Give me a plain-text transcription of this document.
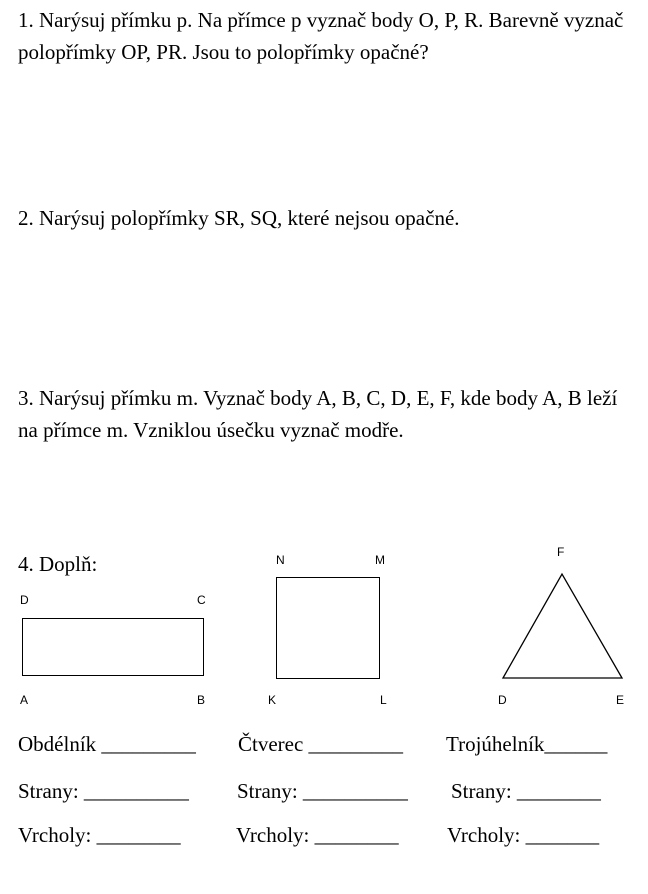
1. Narýsuj přímku p. Na přímce p vyznač body O, P, R. Barevně vyznač polopřímky OP, PR. Jsou to polopřímky opačné?
2. Narýsuj polopřímky SR, SQ, které nejsou opačné.
3. Narýsuj přímku m. Vyznač body A, B, C, D, E, F, kde body A, B leží na přímce m. Vzniklou úsečku vyznač modře.
4. Doplň:
D	C
A	B
N	M
K	L
F
D	E
Obdélník _________ Čtverec _________ Trojúhelník______
Strany: __________ Strany: __________ Strany: ________
Vrcholy: ________	Vrcholy: ________ Vrcholy: _______
